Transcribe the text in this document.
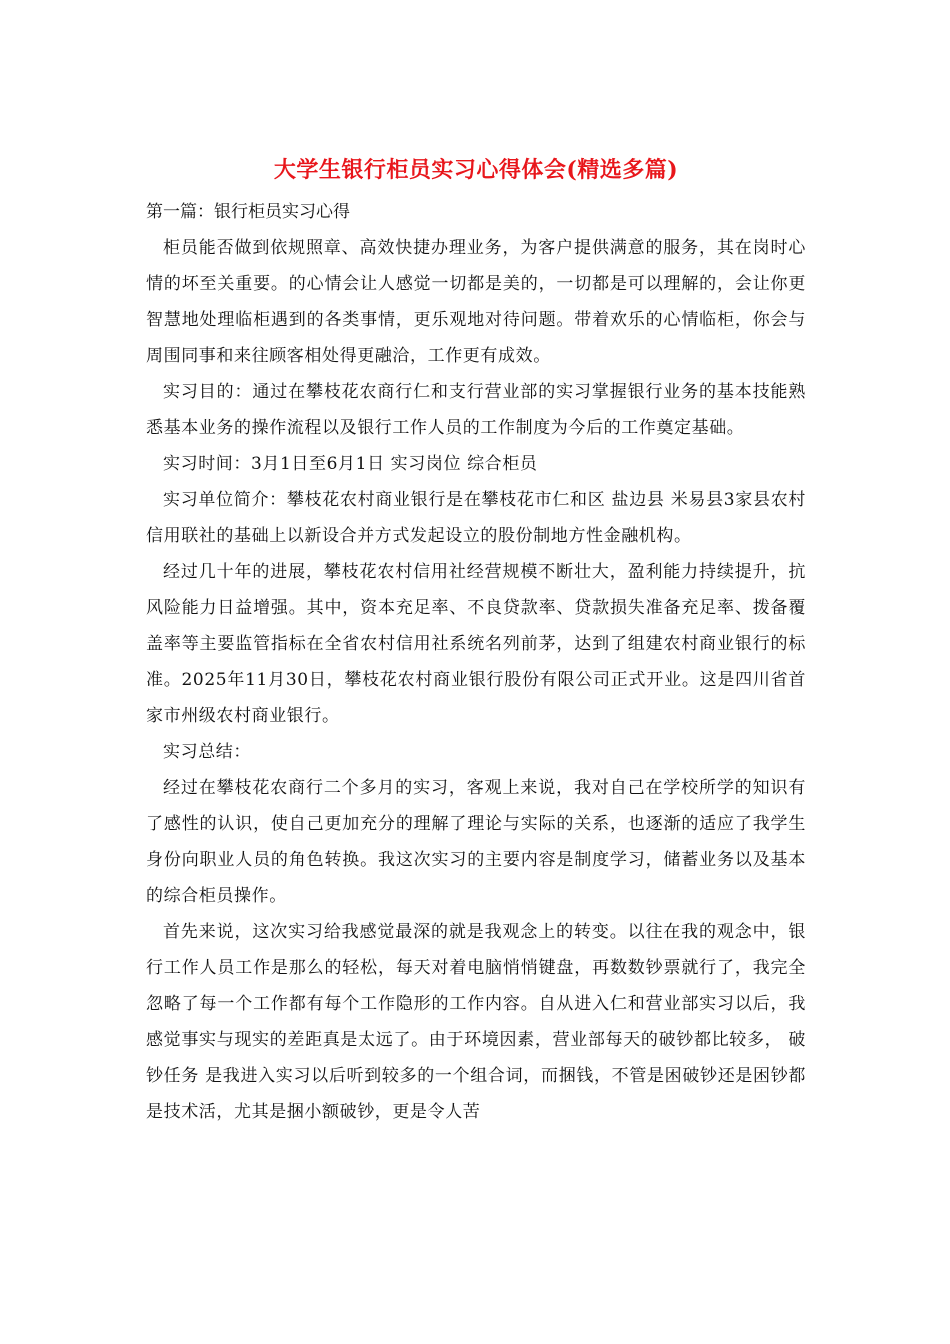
大学生银行柜员实习心得体会(精选多篇)

第一篇：银行柜员实习心得

柜员能否做到依规照章、高效快捷办理业务，为客户提供满意的服务，其在岗时心情的坏至关重要。的心情会让人感觉一切都是美的，一切都是可以理解的，会让你更智慧地处理临柜遇到的各类事情，更乐观地对待问题。带着欢乐的心情临柜，你会与周围同事和来往顾客相处得更融洽，工作更有成效。

实习目的：通过在攀枝花农商行仁和支行营业部的实习掌握银行业务的基本技能熟悉基本业务的操作流程以及银行工作人员的工作制度为今后的工作奠定基础。

实习时间：3月1日至6月1日 实习岗位 综合柜员

实习单位简介：攀枝花农村商业银行是在攀枝花市仁和区 盐边县 米易县3家县农村信用联社的基础上以新设合并方式发起设立的股份制地方性金融机构。

经过几十年的进展，攀枝花农村信用社经营规模不断壮大，盈利能力持续提升，抗风险能力日益增强。其中，资本充足率、不良贷款率、贷款损失准备充足率、拨备覆盖率等主要监管指标在全省农村信用社系统名列前茅，达到了组建农村商业银行的标准。2025年11月30日，攀枝花农村商业银行股份有限公司正式开业。这是四川省首家市州级农村商业银行。

实习总结：

经过在攀枝花农商行二个多月的实习，客观上来说，我对自己在学校所学的知识有了感性的认识，使自己更加充分的理解了理论与实际的关系，也逐渐的适应了我学生身份向职业人员的角色转换。我这次实习的主要内容是制度学习，储蓄业务以及基本的综合柜员操作。

首先来说，这次实习给我感觉最深的就是我观念上的转变。以往在我的观念中，银行工作人员工作是那么的轻松，每天对着电脑悄悄键盘，再数数钞票就行了，我完全忽略了每一个工作都有每个工作隐形的工作内容。自从进入仁和营业部实习以后，我感觉事实与现实的差距真是太远了。由于环境因素，营业部每天的破钞都比较多， 破钞任务 是我进入实习以后听到较多的一个组合词，而捆钱，不管是困破钞还是困钞都是技术活，尤其是捆小额破钞，更是令人苦
